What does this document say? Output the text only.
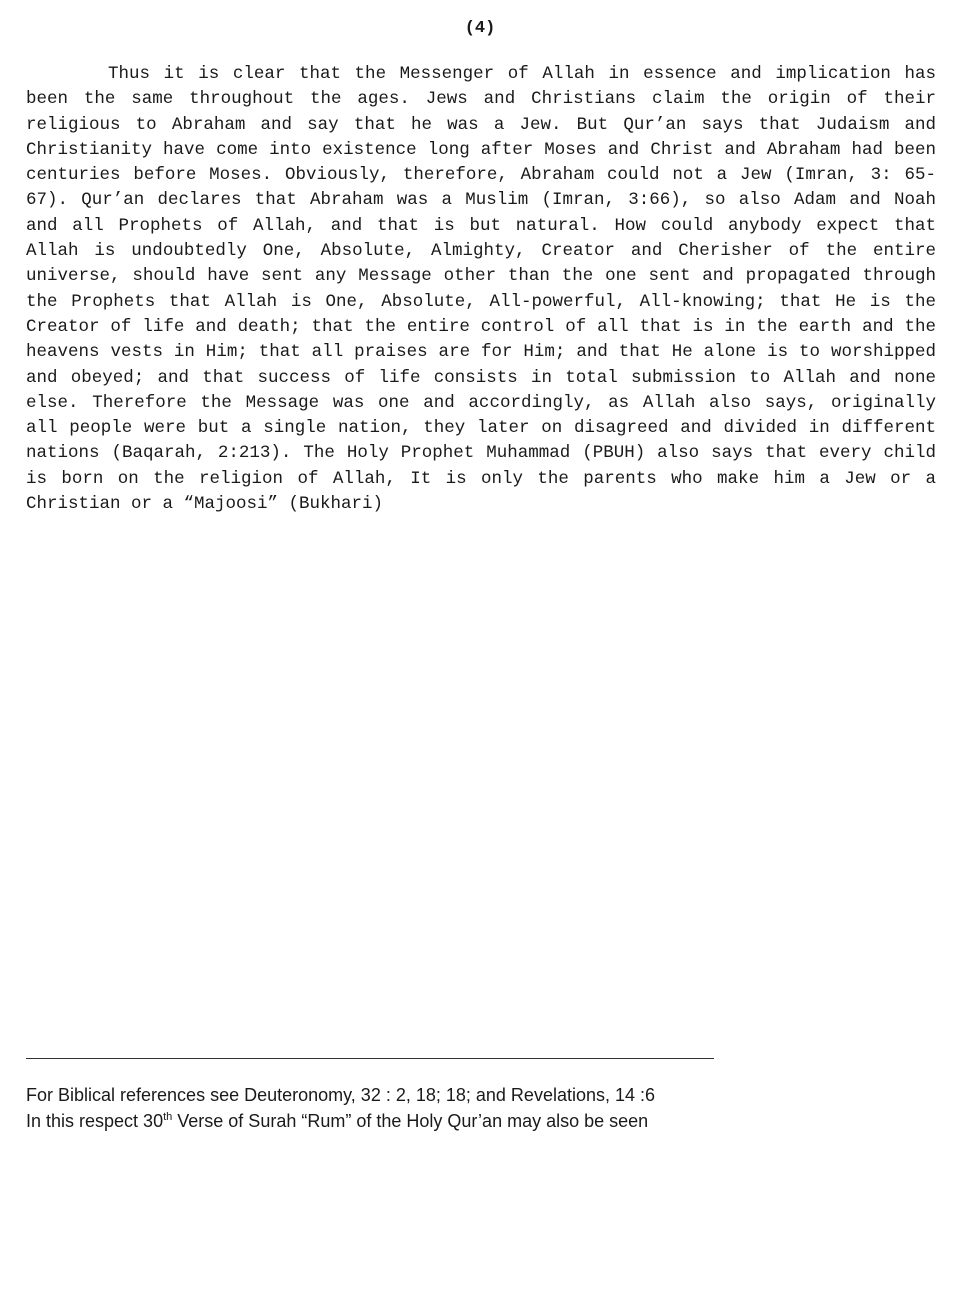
(4)

Thus it is clear that the Messenger of Allah in essence and implication has been the same throughout the ages. Jews and Christians claim the origin of their religious to Abraham and say that he was a Jew. But Qur’an says that Judaism and Christianity have come into existence long after Moses and Christ and Abraham had been centuries before Moses. Obviously, therefore, Abraham could not a Jew (Imran, 3: 65-67). Qur’an declares that Abraham was a Muslim (Imran, 3:66), so also Adam and Noah and all Prophets of Allah, and that is but natural. How could anybody expect that Allah is undoubtedly One, Absolute, Almighty, Creator and Cherisher of the entire universe, should have sent any Message other than the one sent and propagated through the Prophets that Allah is One, Absolute, All-powerful, All-knowing; that He is the Creator of life and death; that the entire control of all that is in the earth and the heavens vests in Him; that all praises are for Him; and that He alone is to worshipped and obeyed; and that success of life consists in total submission to Allah and none else. Therefore the Message was one and accordingly, as Allah also says, originally all people were but a single nation, they later on disagreed and divided in different nations (Baqarah, 2:213). The Holy Prophet Muhammad (PBUH) also says that every child is born on the religion of Allah, It is only the parents who make him a Jew or a Christian or a “Majoosi” (Bukhari)

For Biblical references see Deuteronomy, 32 : 2, 18; 18; and Revelations, 14 :6
In this respect 30th Verse of Surah “Rum” of the Holy Qur’an may also be seen
